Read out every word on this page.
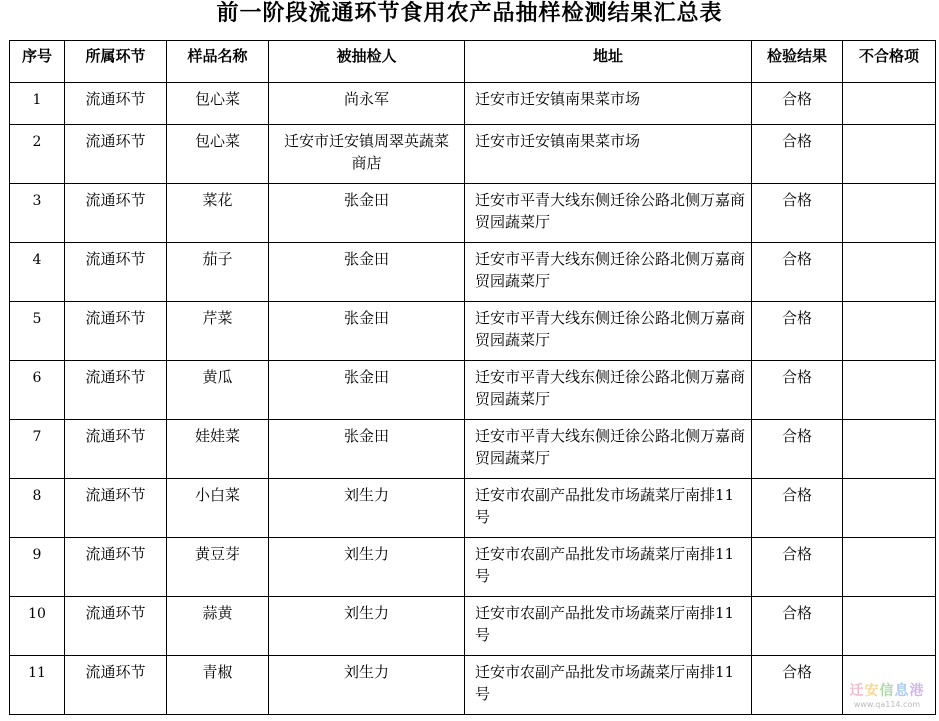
前一阶段流通环节食用农产品抽样检测结果汇总表
序号	所属环节	样品名称	被抽检人	地址	检验结果	不合格项
1	流通环节	包心菜	尚永军	迁安市迁安镇南果菜市场	合格	
2	流通环节	包心菜	迁安市迁安镇周翠英蔬菜商店	迁安市迁安镇南果菜市场	合格	
3	流通环节	菜花	张金田	迁安市平青大线东侧迁徐公路北侧万嘉商贸园蔬菜厅	合格	
4	流通环节	茄子	张金田	迁安市平青大线东侧迁徐公路北侧万嘉商贸园蔬菜厅	合格	
5	流通环节	芹菜	张金田	迁安市平青大线东侧迁徐公路北侧万嘉商贸园蔬菜厅	合格	
6	流通环节	黄瓜	张金田	迁安市平青大线东侧迁徐公路北侧万嘉商贸园蔬菜厅	合格	
7	流通环节	娃娃菜	张金田	迁安市平青大线东侧迁徐公路北侧万嘉商贸园蔬菜厅	合格	
8	流通环节	小白菜	刘生力	迁安市农副产品批发市场蔬菜厅南排11号	合格	
9	流通环节	黄豆芽	刘生力	迁安市农副产品批发市场蔬菜厅南排11号	合格	
10	流通环节	蒜黄	刘生力	迁安市农副产品批发市场蔬菜厅南排11号	合格	
11	流通环节	青椒	刘生力	迁安市农副产品批发市场蔬菜厅南排11号	合格	
迁安信息港
www.qa114.com
